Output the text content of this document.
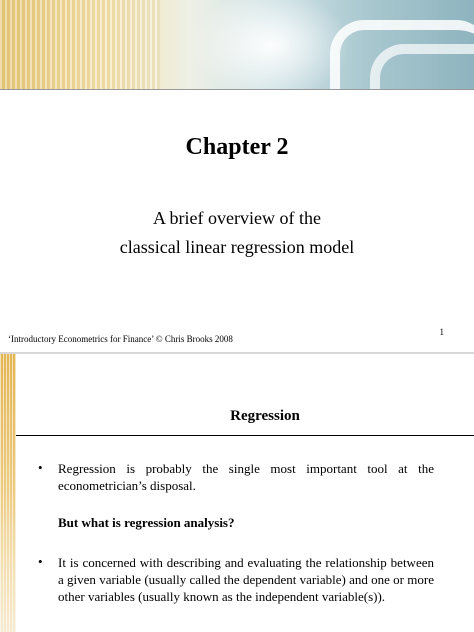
Chapter 2
A brief overview of the
classical linear regression model
‘Introductory Econometrics for Finance’ © Chris Brooks 2008
1
Regression
• Regression is probably the single most important tool at the econometrician’s disposal.
But what is regression analysis?
• It is concerned with describing and evaluating the relationship between a given variable (usually called the dependent variable) and one or more other variables (usually known as the independent variable(s)).
